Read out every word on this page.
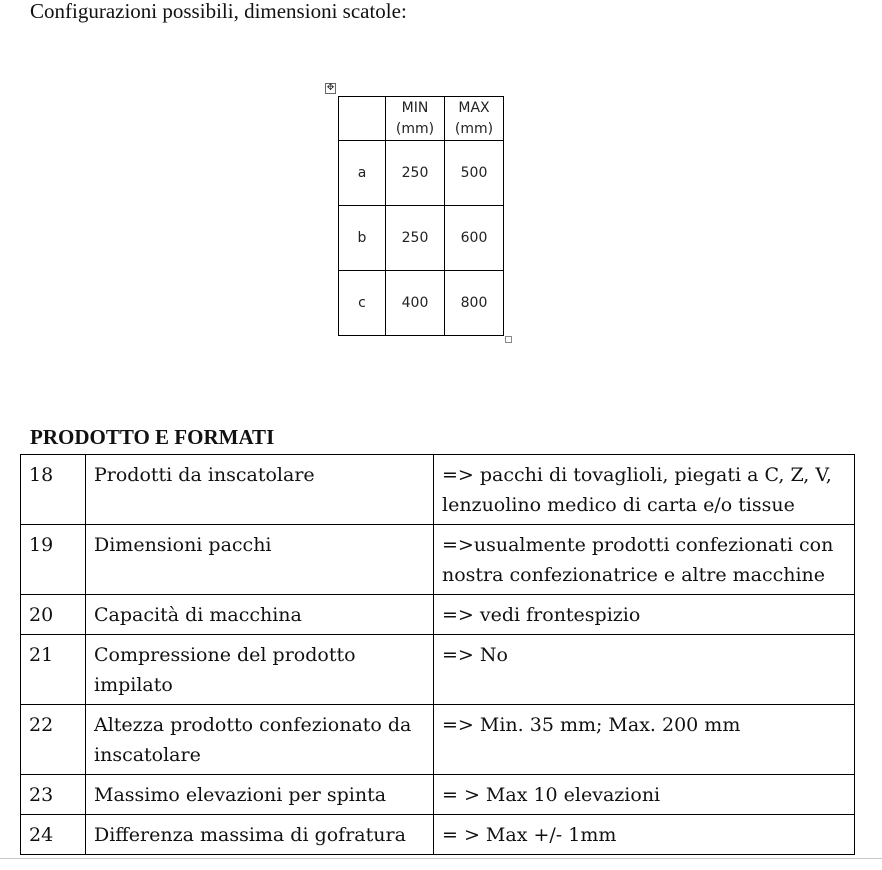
Configurazioni possibili, dimensioni scatole:
✥
	MIN (mm)	MAX (mm)
a	250	500
b	250	600
c	400	800
PRODOTTO E FORMATI
18	Prodotti da inscatolare	=> pacchi di tovaglioli, piegati a C, Z, V, lenzuolino medico di carta e/o tissue
19	Dimensioni pacchi	=>usualmente prodotti confezionati con nostra confezionatrice e altre macchine
20	Capacità di macchina	=> vedi frontespizio
21	Compressione del prodotto impilato	=> No
22	Altezza prodotto confezionato da inscatolare	=> Min. 35 mm; Max. 200 mm
23	Massimo elevazioni per spinta	= > Max 10 elevazioni
24	Differenza massima di gofratura	= > Max +/- 1mm
